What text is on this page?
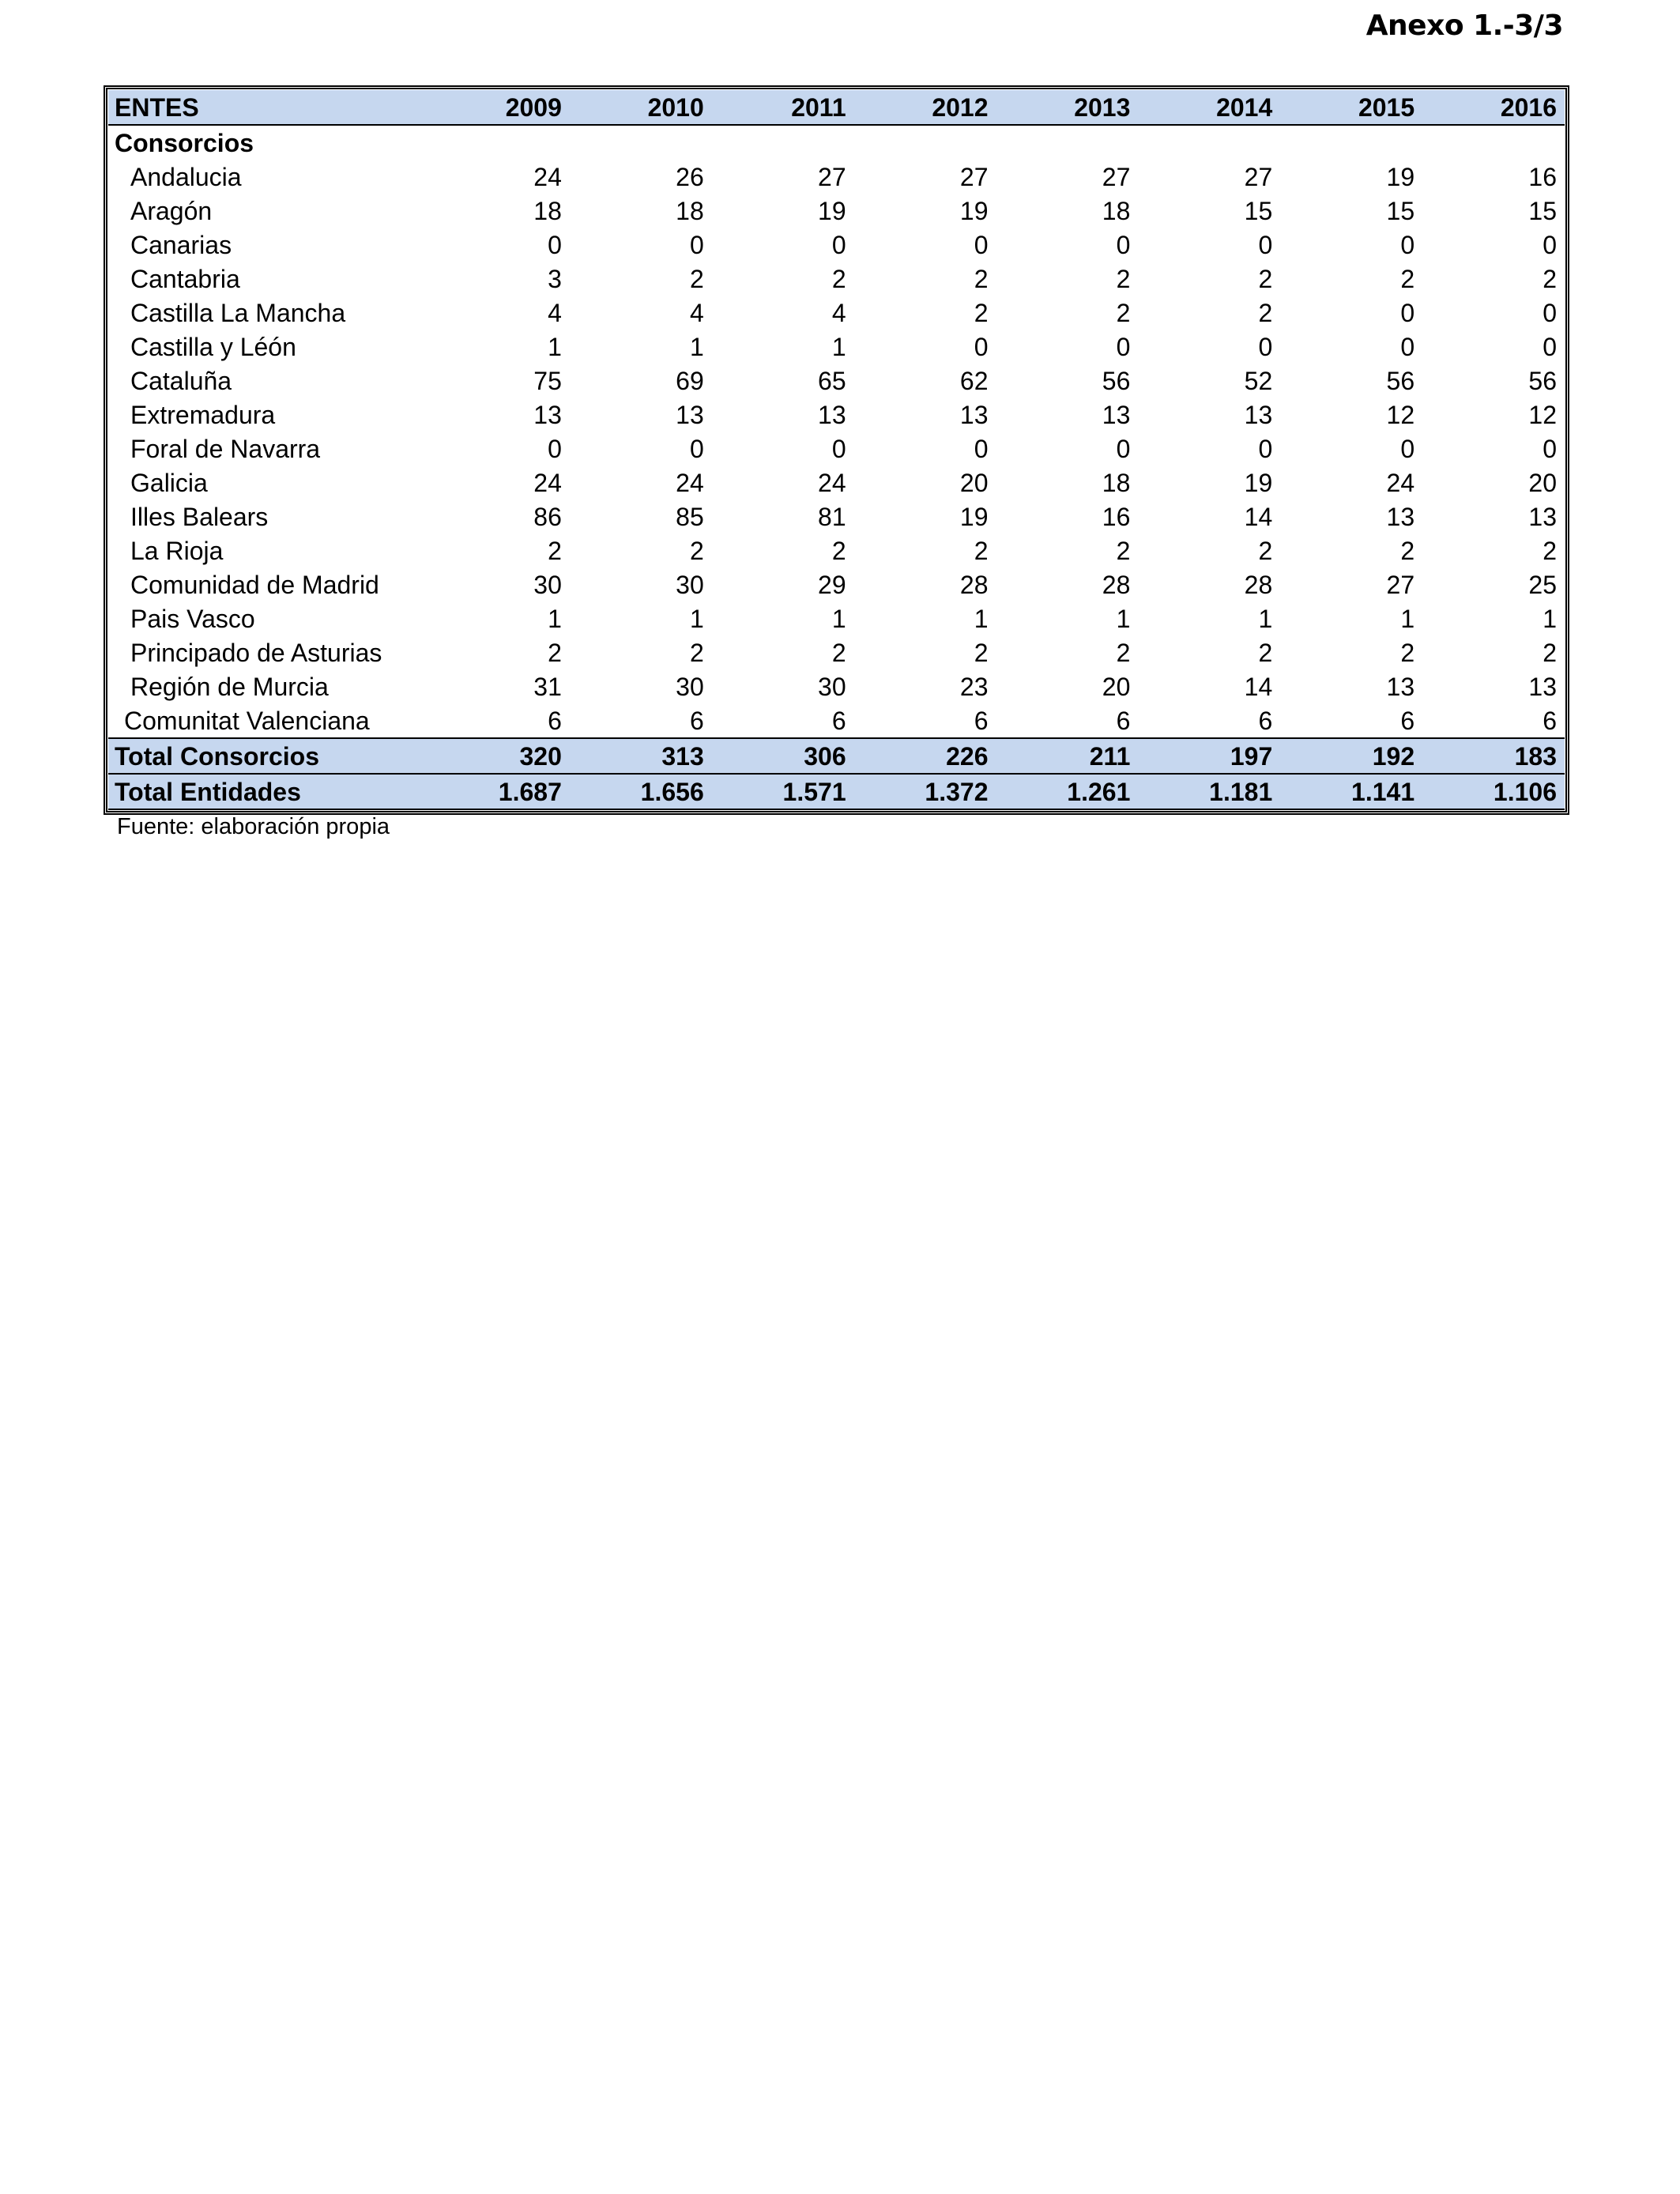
Anexo 1.-3/3
ENTES	2009	2010	2011	2012	2013	2014	2015	2016
Consorcios								
Andalucia	24	26	27	27	27	27	19	16
Aragón	18	18	19	19	18	15	15	15
Canarias	0	0	0	0	0	0	0	0
Cantabria	3	2	2	2	2	2	2	2
Castilla La Mancha	4	4	4	2	2	2	0	0
Castilla y Léón	1	1	1	0	0	0	0	0
Cataluña	75	69	65	62	56	52	56	56
Extremadura	13	13	13	13	13	13	12	12
Foral de Navarra	0	0	0	0	0	0	0	0
Galicia	24	24	24	20	18	19	24	20
Illes Balears	86	85	81	19	16	14	13	13
La Rioja	2	2	2	2	2	2	2	2
Comunidad de Madrid	30	30	29	28	28	28	27	25
Pais Vasco	1	1	1	1	1	1	1	1
Principado de Asturias	2	2	2	2	2	2	2	2
Región de Murcia	31	30	30	23	20	14	13	13
Comunitat Valenciana	6	6	6	6	6	6	6	6
Total Consorcios	320	313	306	226	211	197	192	183
Total Entidades	1.687	1.656	1.571	1.372	1.261	1.181	1.141	1.106
Fuente: elaboración propia
